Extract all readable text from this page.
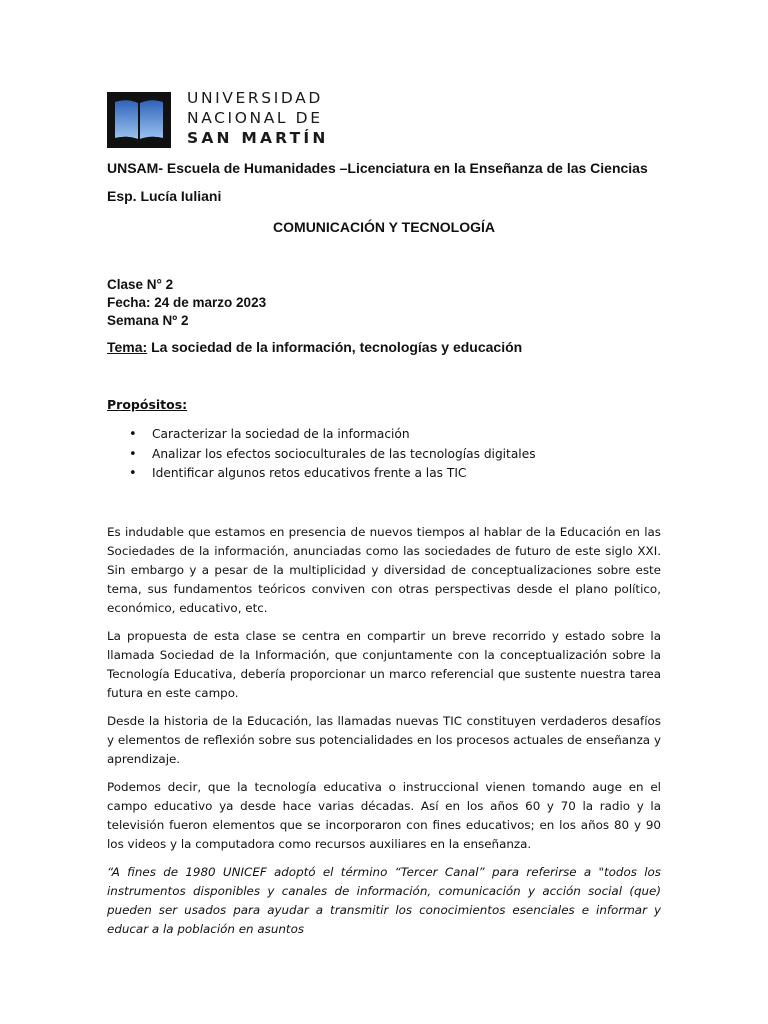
UNIVERSIDAD
NACIONAL DE
SAN MARTÍN
UNSAM- Escuela de Humanidades –Licenciatura en la Enseñanza de las Ciencias
Esp. Lucía Iuliani
COMUNICACIÓN Y TECNOLOGÍA
Clase N° 2
Fecha: 24 de marzo 2023
Semana Nº 2
Tema: La sociedad de la información, tecnologías y educación
Propósitos:
• Caracterizar la sociedad de la información
• Analizar los efectos socioculturales de las tecnologías digitales
• Identificar algunos retos educativos frente a las TIC

Es indudable que estamos en presencia de nuevos tiempos al hablar de la Educación en las Sociedades de la información, anunciadas como las sociedades de futuro de este siglo XXI. Sin embargo y a pesar de la multiplicidad y diversidad de conceptualizaciones sobre este tema, sus fundamentos teóricos conviven con otras perspectivas desde el plano político, económico, educativo, etc.

La propuesta de esta clase se centra en compartir un breve recorrido y estado sobre la llamada Sociedad de la Información, que conjuntamente con la conceptualización sobre la Tecnología Educativa, debería proporcionar un marco referencial que sustente nuestra tarea futura en este campo.

Desde la historia de la Educación, las llamadas nuevas TIC constituyen verdaderos desafíos y elementos de reflexión sobre sus potencialidades en los procesos actuales de enseñanza y aprendizaje.

Podemos decir, que la tecnología educativa o instruccional vienen tomando auge en el campo educativo ya desde hace varias décadas. Así en los años 60 y 70 la radio y la televisión fueron elementos que se incorporaron con fines educativos; en los años 80 y 90 los videos y la computadora como recursos auxiliares en la enseñanza.

“A fines de 1980 UNICEF adoptó el término “Tercer Canal” para referirse a "todos los instrumentos disponibles y canales de información, comunicación y acción social (que) pueden ser usados para ayudar a transmitir los conocimientos esenciales e informar y educar a la población en asuntos
